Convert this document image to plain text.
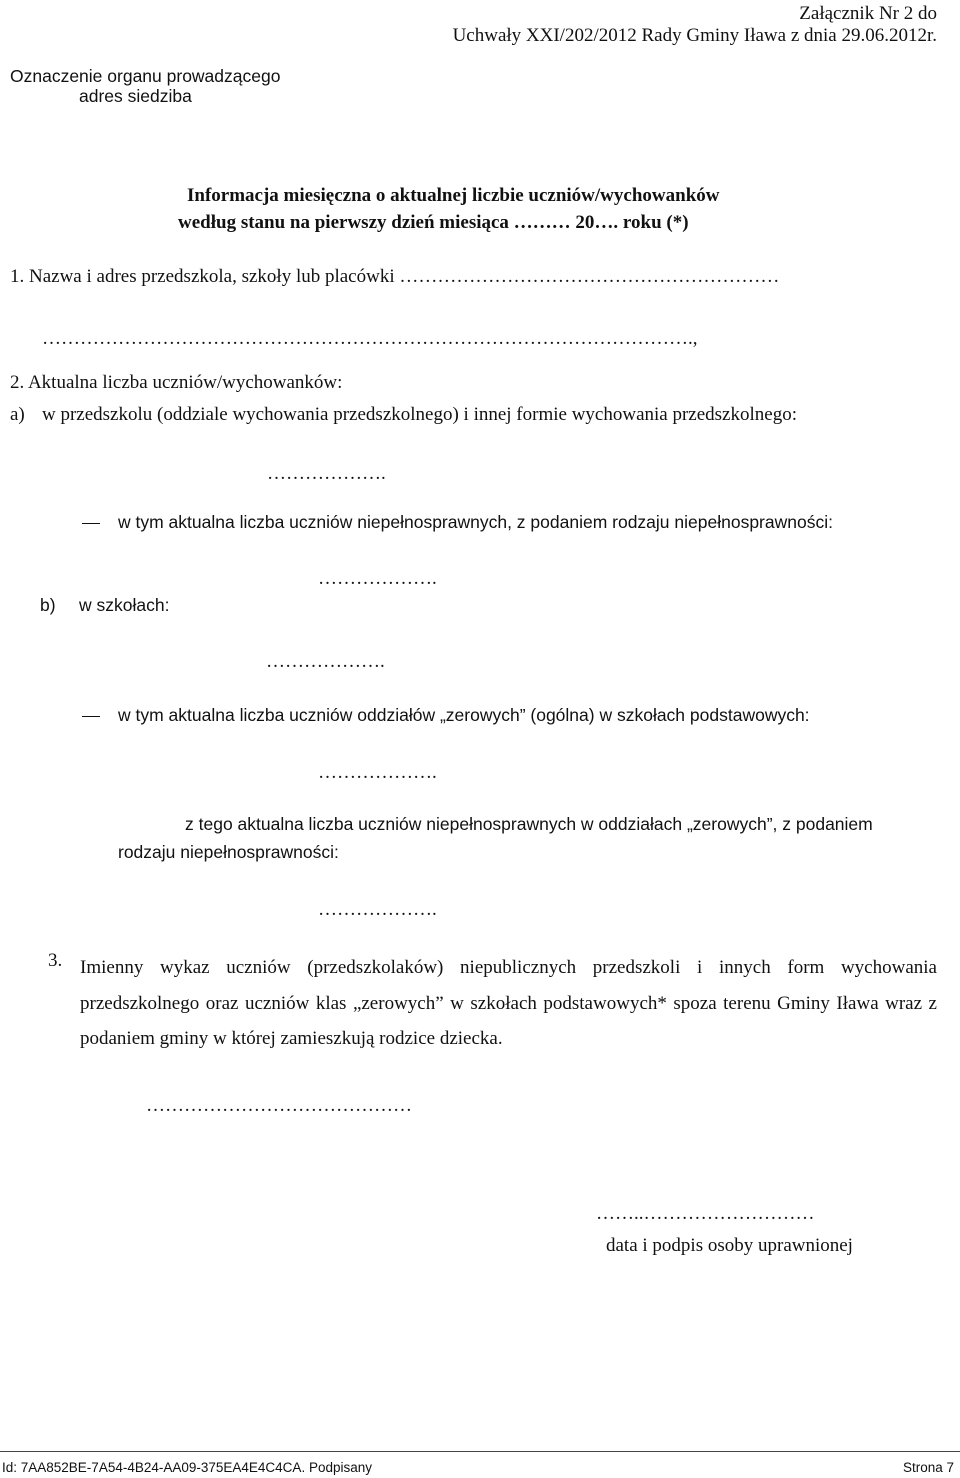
Załącznik Nr 2 do
Uchwały XXI/202/2012 Rady Gminy Iława z dnia 29.06.2012r.
Oznaczenie organu prowadzącego
adres siedziba
Informacja miesięczna o aktualnej liczbie uczniów/wychowanków
według stanu na pierwszy dzień miesiąca ……… 20…. roku (*)
1. Nazwa i adres przedszkola, szkoły lub placówki ……………………………………………………
………………………………………………………………………………………….,
2. Aktualna liczba uczniów/wychowanków:
a) w przedszkolu (oddziale wychowania przedszkolnego) i innej formie wychowania przedszkolnego:
……………….
w tym aktualna liczba uczniów niepełnosprawnych, z podaniem rodzaju niepełnosprawności:
……………….
b) w szkołach:
……………….
w tym aktualna liczba uczniów oddziałów „zerowych” (ogólna) w szkołach podstawowych:
……………….
z tego aktualna liczba uczniów niepełnosprawnych w oddziałach „zerowych”, z podaniem
rodzaju niepełnosprawności:
……………….
3. Imienny wykaz uczniów (przedszkolaków) niepublicznych przedszkoli i innych form wychowania przedszkolnego oraz uczniów klas „zerowych” w szkołach podstawowych* spoza terenu Gminy Iława wraz z podaniem gminy w której zamieszkują rodzice dziecka.
……………………………………
……..………………………
data i podpis osoby uprawnionej
Id: 7AA852BE-7A54-4B24-AA09-375EA4E4C4CA. Podpisany	Strona 7
